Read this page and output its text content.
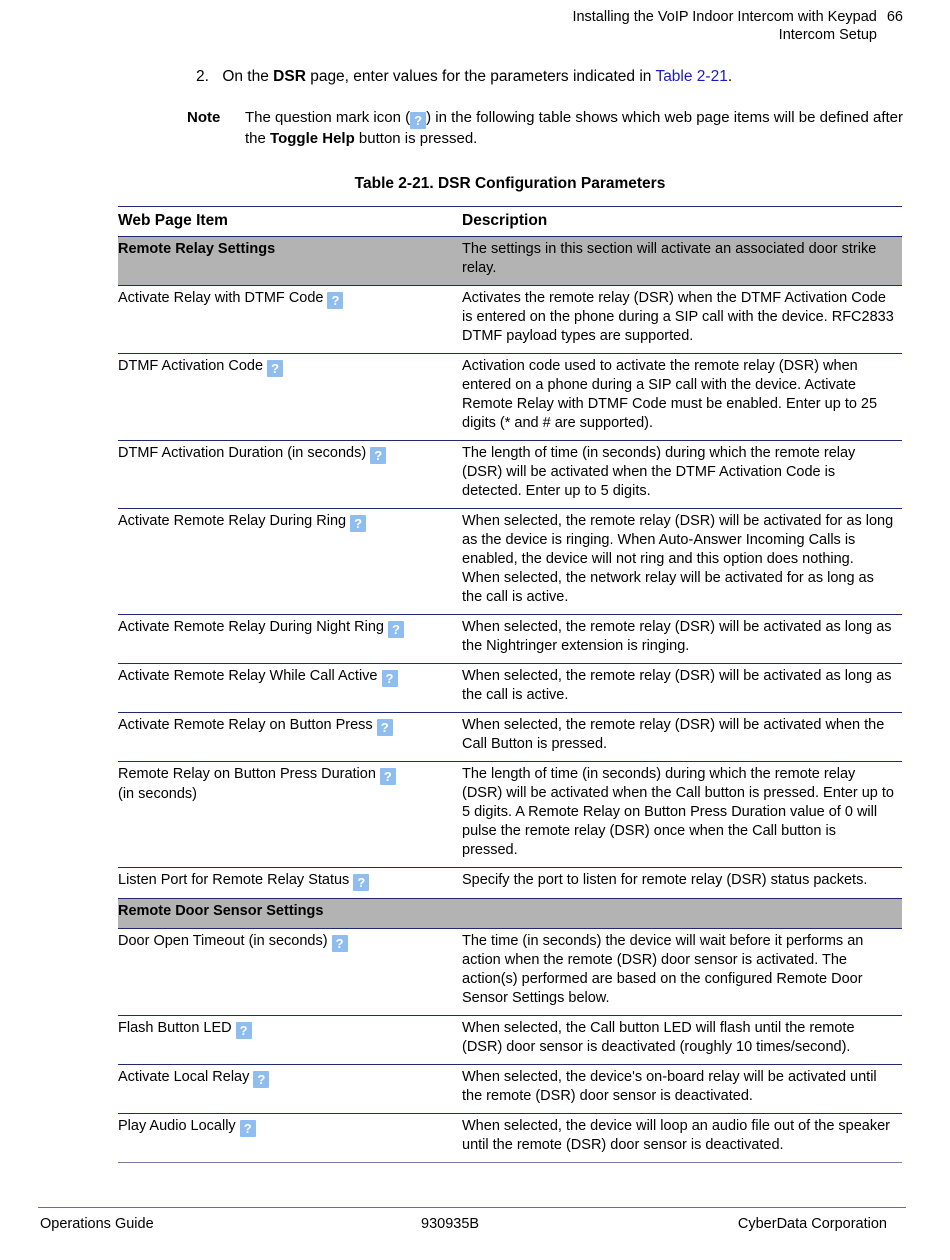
Installing the VoIP Indoor Intercom with Keypad 66
Intercom Setup
2. On the DSR page, enter values for the parameters indicated in Table 2-21.
Note The question mark icon ( ? ) in the following table shows which web page items will be defined after the Toggle Help button is pressed.
Table 2-21. DSR Configuration Parameters
Web Page Item	Description
Remote Relay Settings	The settings in this section will activate an associated door strike relay.
Activate Relay with DTMF Code ?	Activates the remote relay (DSR) when the DTMF Activation Code is entered on the phone during a SIP call with the device. RFC2833 DTMF payload types are supported.
DTMF Activation Code ?	Activation code used to activate the remote relay (DSR) when entered on a phone during a SIP call with the device. Activate Remote Relay with DTMF Code must be enabled. Enter up to 25 digits (* and # are supported).
DTMF Activation Duration (in seconds) ?	The length of time (in seconds) during which the remote relay (DSR) will be activated when the DTMF Activation Code is detected. Enter up to 5 digits.
Activate Remote Relay During Ring ?	When selected, the remote relay (DSR) will be activated for as long as the device is ringing. When Auto-Answer Incoming Calls is enabled, the device will not ring and this option does nothing. When selected, the network relay will be activated for as long as the call is active.
Activate Remote Relay During Night Ring ?	When selected, the remote relay (DSR) will be activated as long as the Nightringer extension is ringing.
Activate Remote Relay While Call Active ?	When selected, the remote relay (DSR) will be activated as long as the call is active.
Activate Remote Relay on Button Press ?	When selected, the remote relay (DSR) will be activated when the Call Button is pressed.
Remote Relay on Button Press Duration ?
(in seconds)	The length of time (in seconds) during which the remote relay (DSR) will be activated when the Call button is pressed. Enter up to 5 digits. A Remote Relay on Button Press Duration value of 0 will pulse the remote relay (DSR) once when the Call button is pressed.
Listen Port for Remote Relay Status ?	Specify the port to listen for remote relay (DSR) status packets.
Remote Door Sensor Settings	
Door Open Timeout (in seconds) ?	The time (in seconds) the device will wait before it performs an action when the remote (DSR) door sensor is activated. The action(s) performed are based on the configured Remote Door Sensor Settings below.
Flash Button LED ?	When selected, the Call button LED will flash until the remote (DSR) door sensor is deactivated (roughly 10 times/second).
Activate Local Relay ?	When selected, the device's on-board relay will be activated until the remote (DSR) door sensor is deactivated.
Play Audio Locally ?	When selected, the device will loop an audio file out of the speaker until the remote (DSR) door sensor is deactivated.
Operations Guide	930935B	CyberData Corporation
